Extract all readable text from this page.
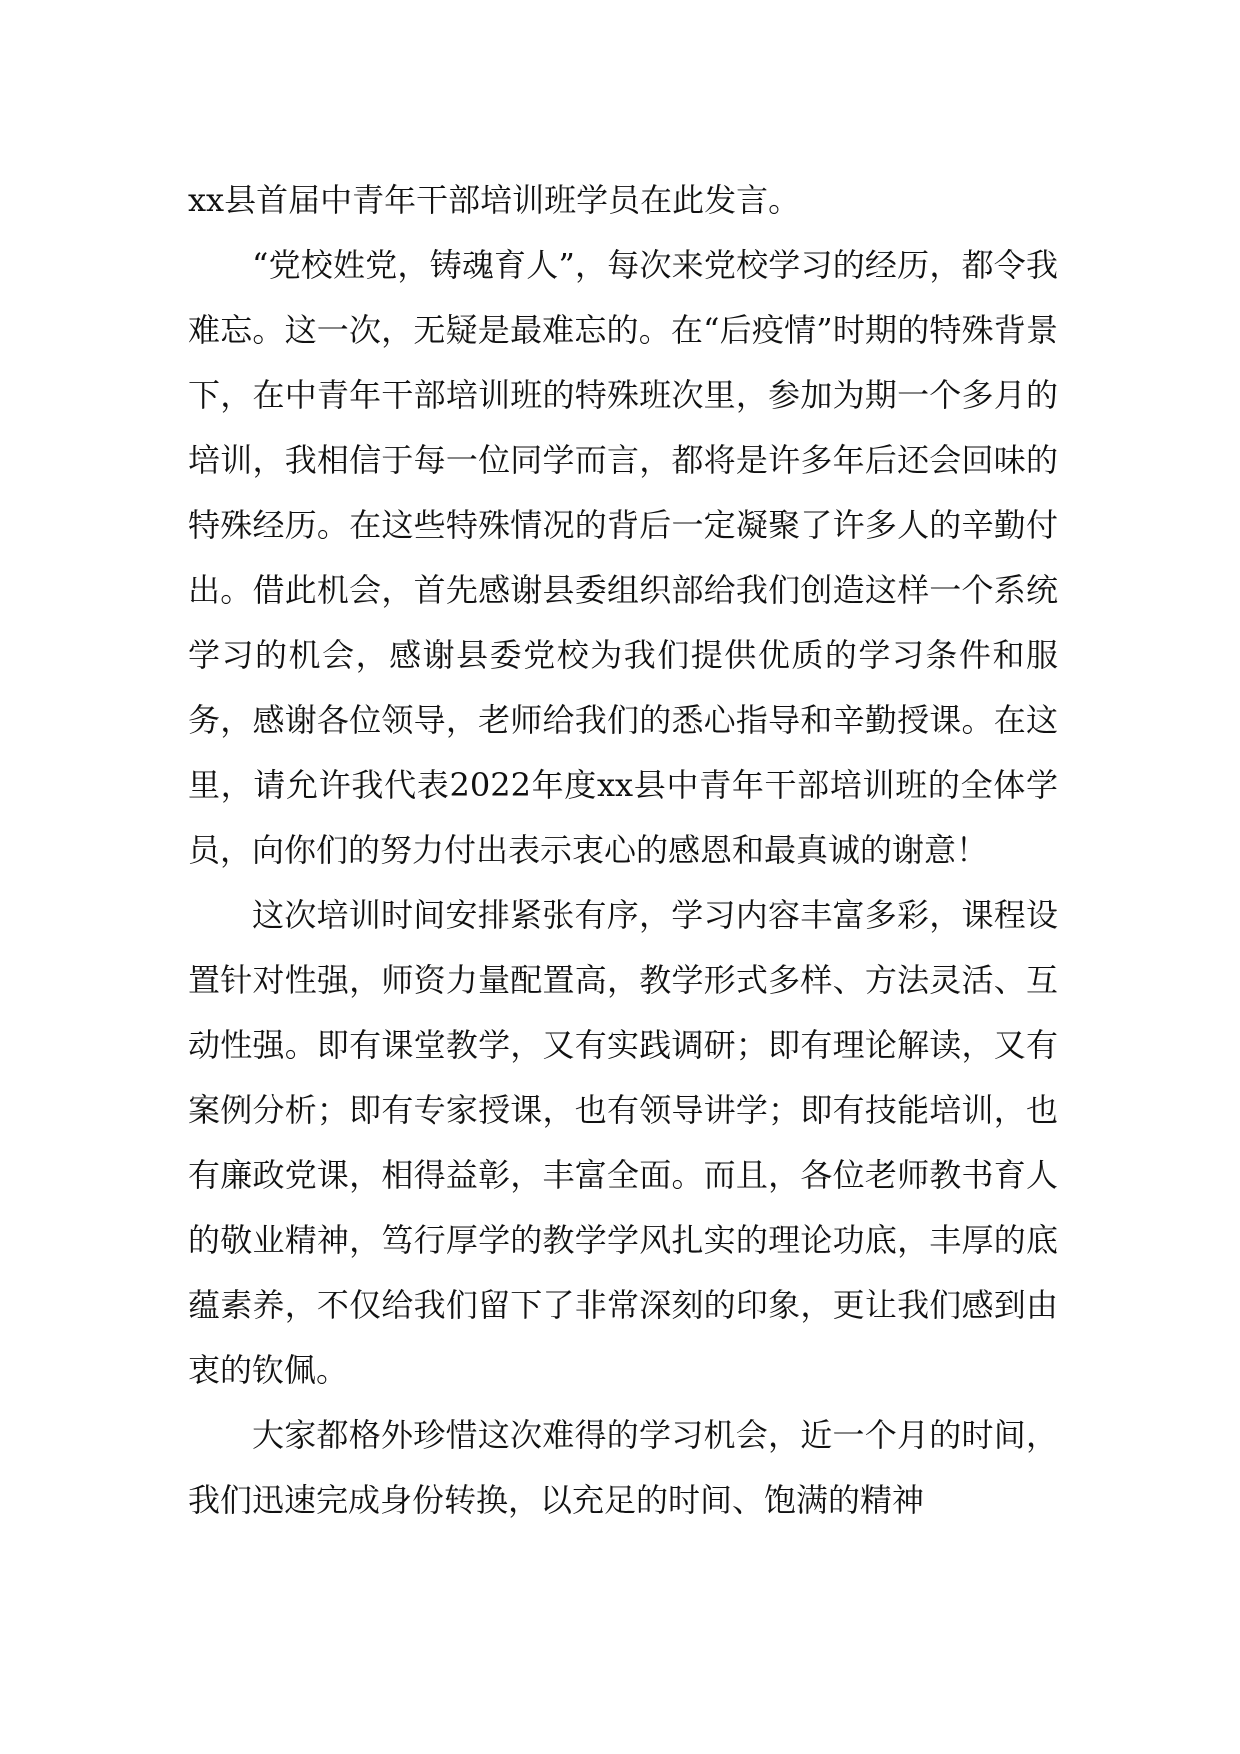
xx县首届中青年干部培训班学员在此发言。

“党校姓党，铸魂育人”，每次来党校学习的经历，都令我难忘。这一次，无疑是最难忘的。在“后疫情”时期的特殊背景下，在中青年干部培训班的特殊班次里，参加为期一个多月的培训，我相信于每一位同学而言，都将是许多年后还会回味的特殊经历。在这些特殊情况的背后一定凝聚了许多人的辛勤付出。借此机会，首先感谢县委组织部给我们创造这样一个系统学习的机会，感谢县委党校为我们提供优质的学习条件和服务，感谢各位领导，老师给我们的悉心指导和辛勤授课。在这里，请允许我代表2022年度xx县中青年干部培训班的全体学员，向你们的努力付出表示衷心的感恩和最真诚的谢意！

这次培训时间安排紧张有序，学习内容丰富多彩，课程设置针对性强，师资力量配置高，教学形式多样、方法灵活、互动性强。即有课堂教学，又有实践调研；即有理论解读，又有案例分析；即有专家授课，也有领导讲学；即有技能培训，也有廉政党课，相得益彰，丰富全面。而且，各位老师教书育人的敬业精神，笃行厚学的教学学风扎实的理论功底，丰厚的底蕴素养，不仅给我们留下了非常深刻的印象，更让我们感到由衷的钦佩。

大家都格外珍惜这次难得的学习机会，近一个月的时间，我们迅速完成身份转换，以充足的时间、饱满的精神
